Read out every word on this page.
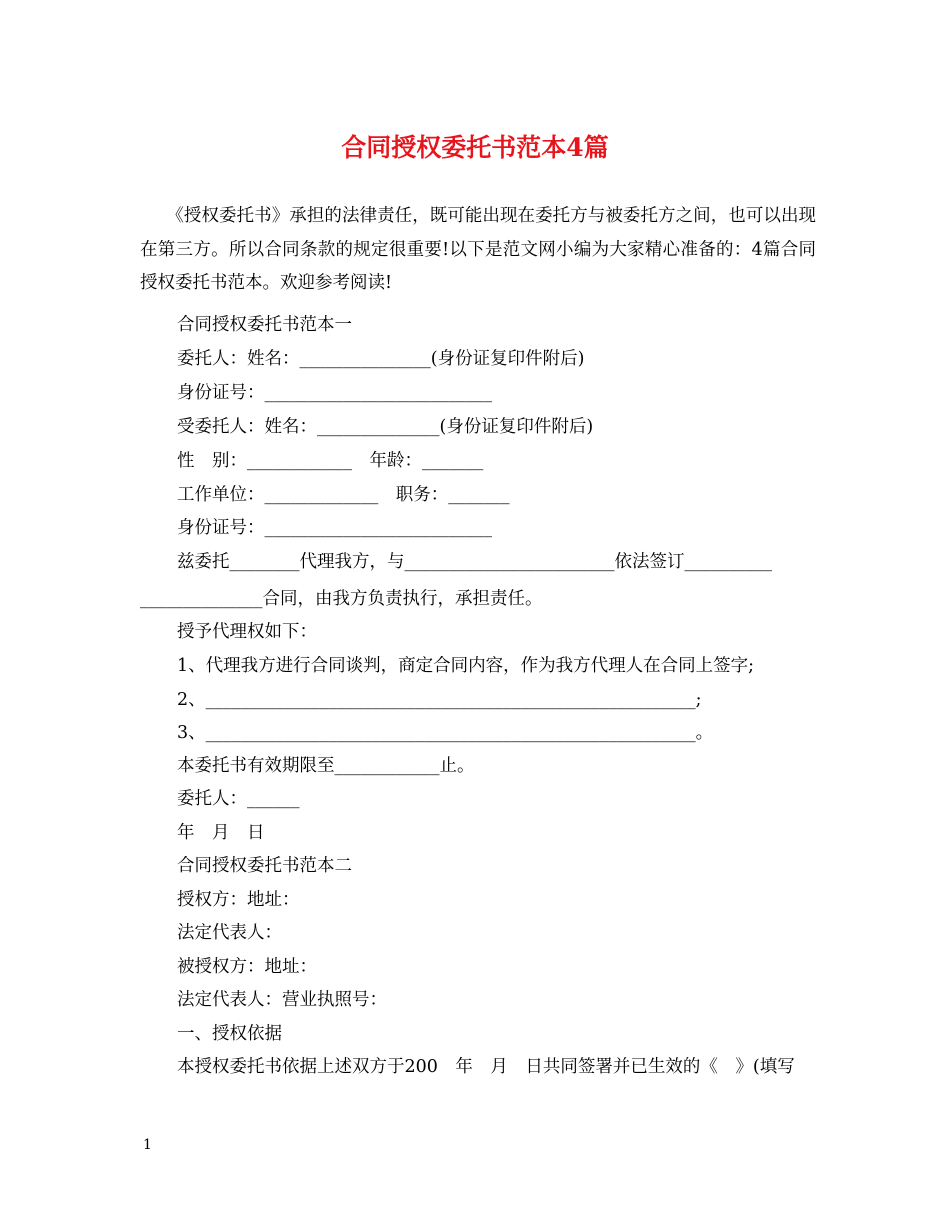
合同授权委托书范本4篇
　　《授权委托书》承担的法律责任，既可能出现在委托方与被委托方之间，也可以出现在第三方。所以合同条款的规定很重要!以下是范文网小编为大家精心准备的：4篇合同授权委托书范本。欢迎参考阅读!
合同授权委托书范本一
委托人：姓名：_______________(身份证复印件附后)
身份证号：__________________________
受委托人：姓名：______________(身份证复印件附后)
性　别：____________　年龄：_______
工作单位：_____________　职务：_______
身份证号：__________________________
兹委托________代理我方，与________________________依法签订__________
______________合同，由我方负责执行，承担责任。
授予代理权如下：
1、代理我方进行合同谈判，商定合同内容，作为我方代理人在合同上签字;
2、________________________________________________________;
3、________________________________________________________。
本委托书有效期限至____________止。
委托人：______
年　月　日
合同授权委托书范本二
授权方：地址：
法定代表人：
被授权方：地址：
法定代表人：营业执照号：
一、授权依据
本授权委托书依据上述双方于200　年　月　日共同签署并已生效的《　》(填写
1
